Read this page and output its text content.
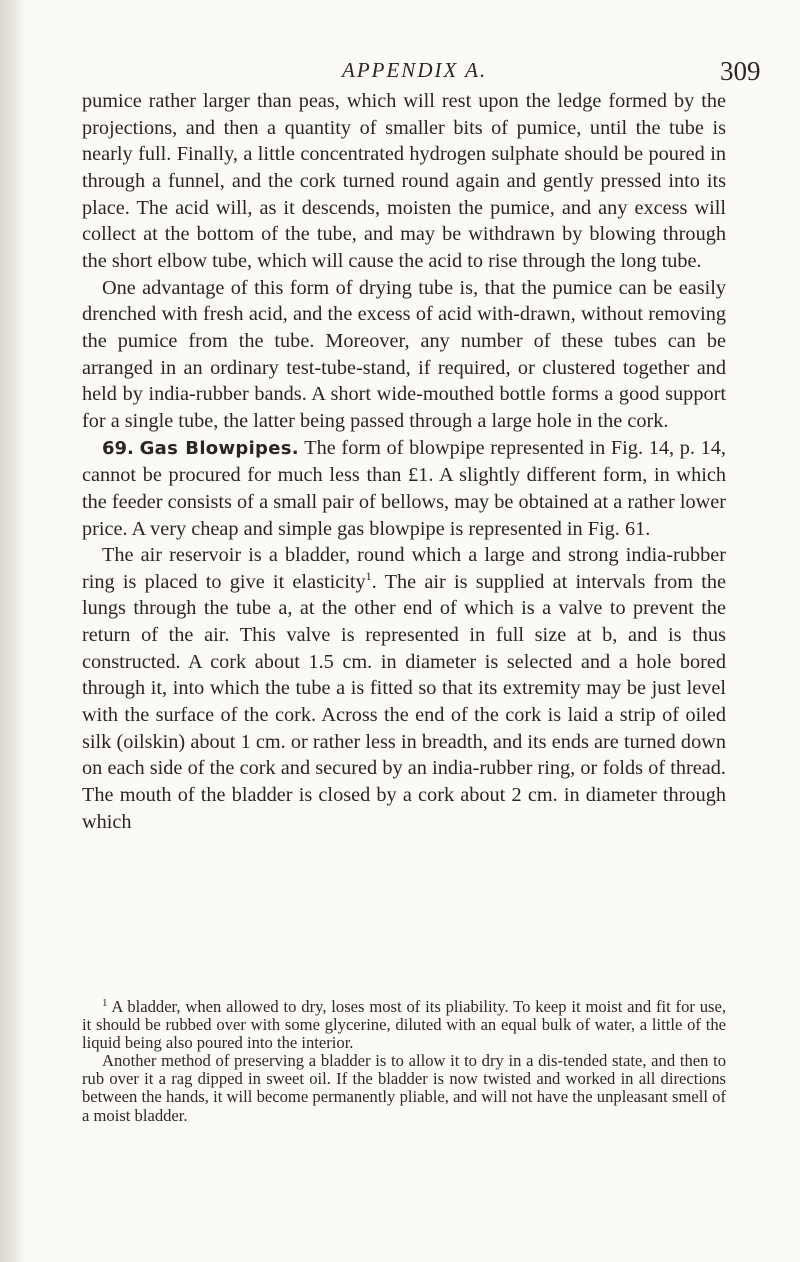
APPENDIX A.	309

pumice rather larger than peas, which will rest upon the ledge formed by the projections, and then a quantity of smaller bits of pumice, until the tube is nearly full. Finally, a little concentrated hydrogen sulphate should be poured in through a funnel, and the cork turned round again and gently pressed into its place. The acid will, as it descends, moisten the pumice, and any excess will collect at the bottom of the tube, and may be withdrawn by blowing through the short elbow tube, which will cause the acid to rise through the long tube.

One advantage of this form of drying tube is, that the pumice can be easily drenched with fresh acid, and the excess of acid with-drawn, without removing the pumice from the tube. Moreover, any number of these tubes can be arranged in an ordinary test-tube-stand, if required, or clustered together and held by india-rubber bands. A short wide-mouthed bottle forms a good support for a single tube, the latter being passed through a large hole in the cork.

69. Gas Blowpipes. The form of blowpipe represented in Fig. 14, p. 14, cannot be procured for much less than £1. A slightly different form, in which the feeder consists of a small pair of bellows, may be obtained at a rather lower price. A very cheap and simple gas blowpipe is represented in Fig. 61.

The air reservoir is a bladder, round which a large and strong india-rubber ring is placed to give it elasticity$^1$. The air is supplied at intervals from the lungs through the tube a, at the other end of which is a valve to prevent the return of the air. This valve is represented in full size at b, and is thus constructed. A cork about 1.5 cm. in diameter is selected and a hole bored through it, into which the tube a is fitted so that its extremity may be just level with the surface of the cork. Across the end of the cork is laid a strip of oiled silk (oilskin) about 1 cm. or rather less in breadth, and its ends are turned down on each side of the cork and secured by an india-rubber ring, or folds of thread. The mouth of the bladder is closed by a cork about 2 cm. in diameter through which

$^1$ A bladder, when allowed to dry, loses most of its pliability. To keep it moist and fit for use, it should be rubbed over with some glycerine, diluted with an equal bulk of water, a little of the liquid being also poured into the interior.

Another method of preserving a bladder is to allow it to dry in a dis-tended state, and then to rub over it a rag dipped in sweet oil. If the bladder is now twisted and worked in all directions between the hands, it will become permanently pliable, and will not have the unpleasant smell of a moist bladder.
